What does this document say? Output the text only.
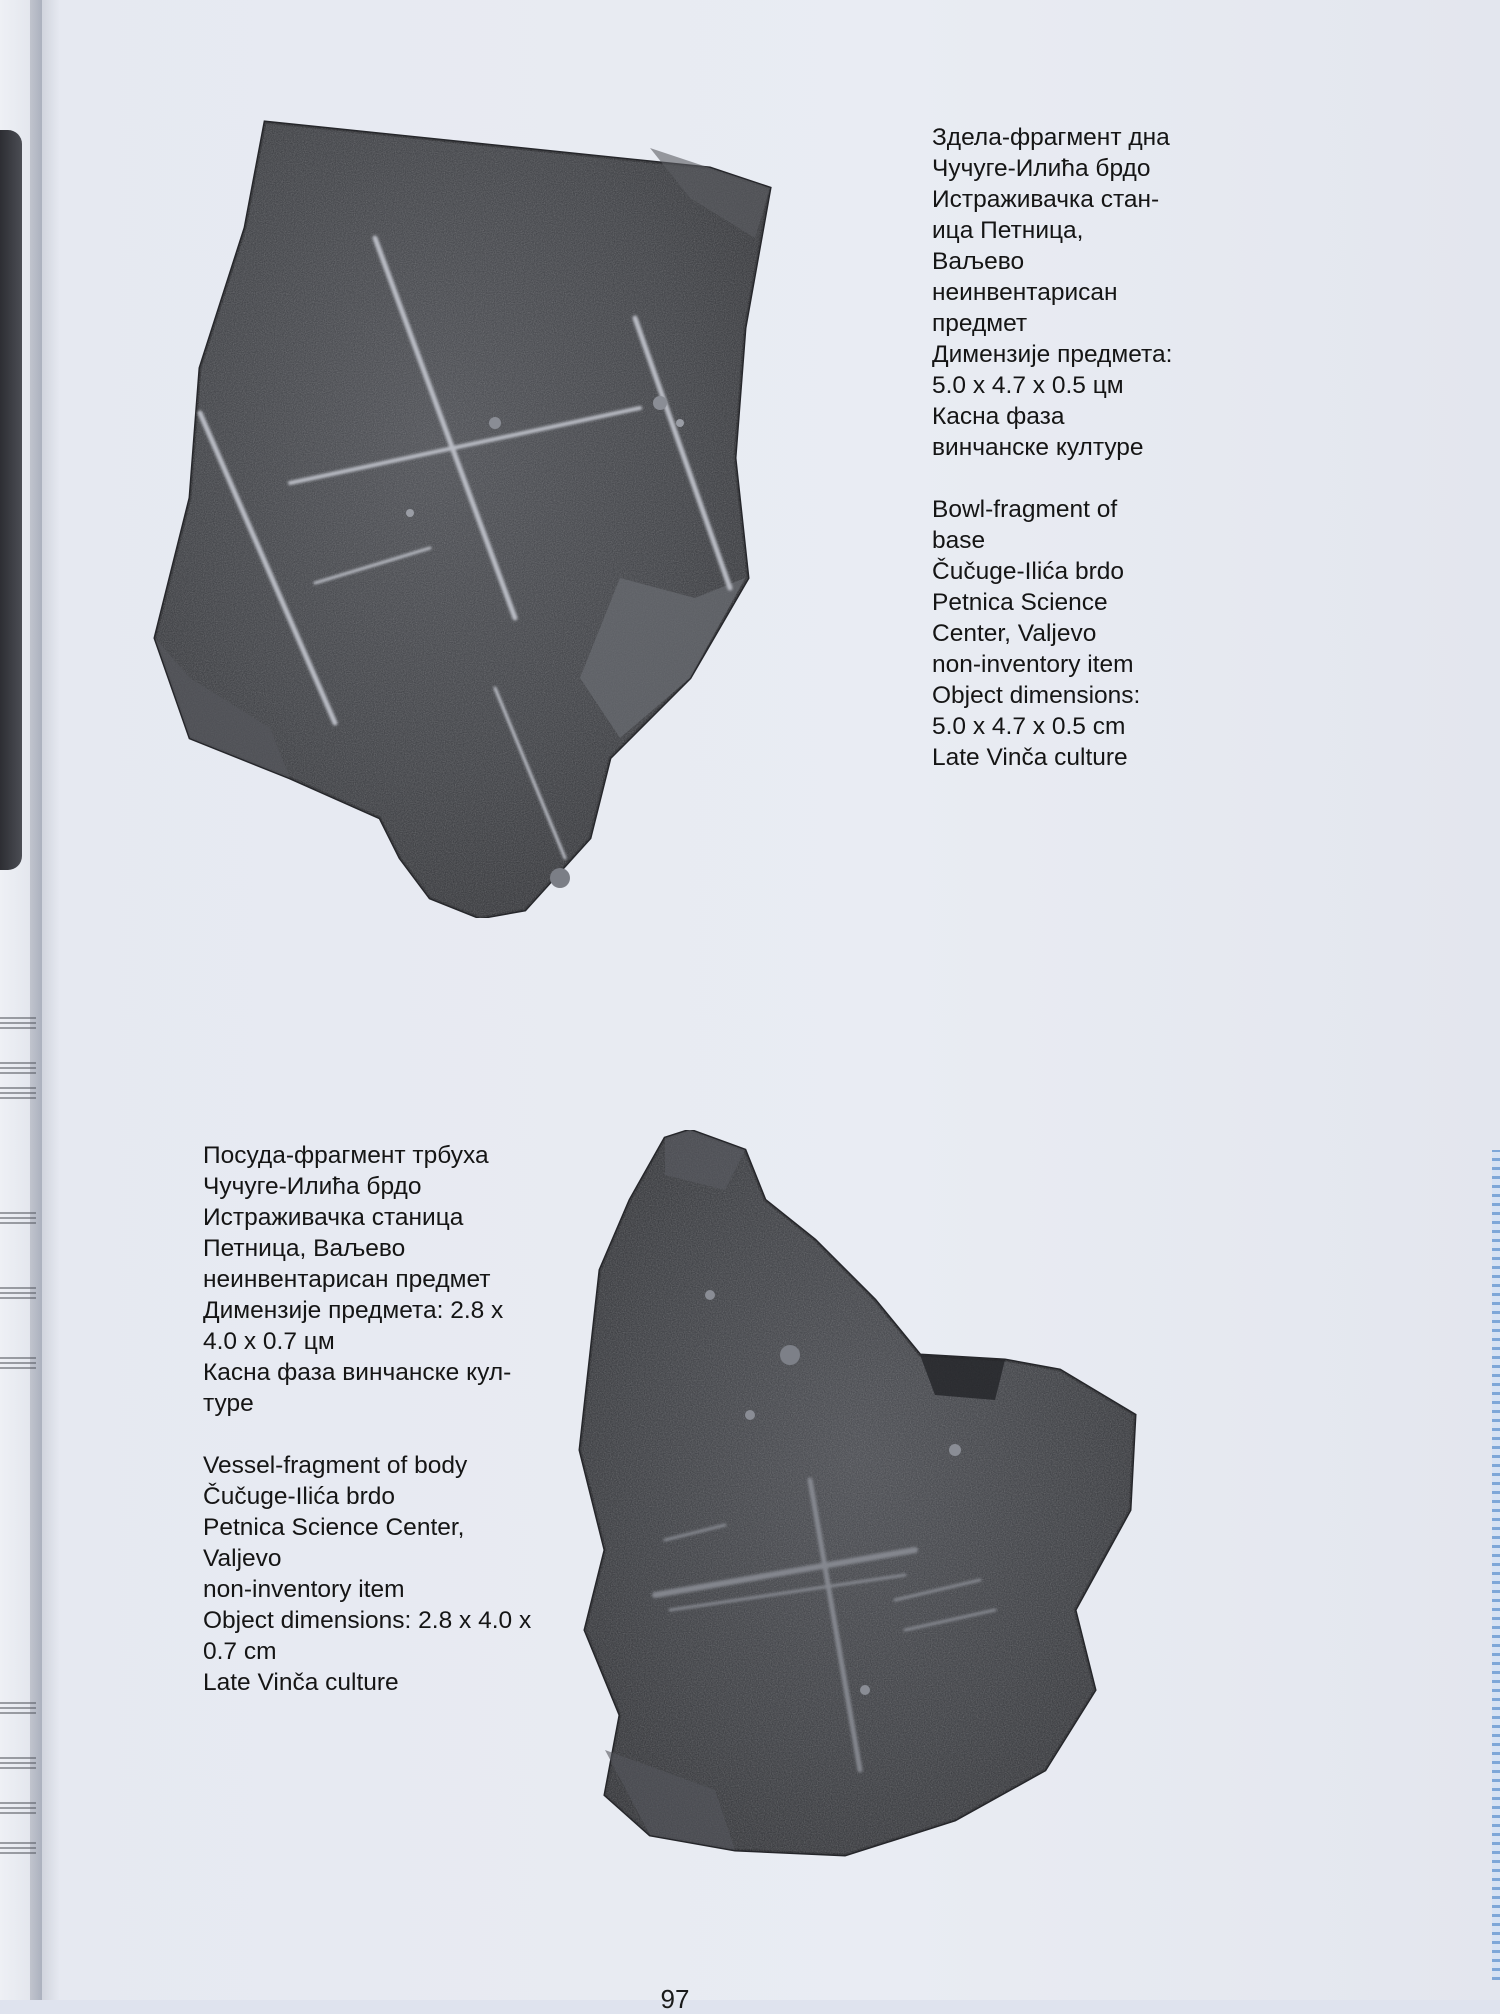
Здела-фрагмент дна
Чучуге-Илића брдо
Истраживачка стан-
ица Петница,
Ваљево
неинвентарисан
предмет
Димензије предмета:
5.0 x 4.7 x 0.5 цм
Касна фаза
винчанске културе
Bowl-fragment of
base
Čučuge-Ilića brdo
Petnica Science
Center, Valjevo
non-inventory item
Object dimensions:
5.0 x 4.7 x 0.5 cm
Late Vinča culture
Посуда-фрагмент трбуха
Чучуге-Илића брдо
Истраживачка станица
Петница, Ваљево
неинвентарисан предмет
Димензије предмета: 2.8 x
4.0 x 0.7 цм
Касна фаза винчанске кул-
туре
Vessel-fragment of body
Čučuge-Ilića brdo
Petnica Science Center,
Valjevo
non-inventory item
Object dimensions: 2.8 x 4.0 x
0.7 cm
Late Vinča culture
97
